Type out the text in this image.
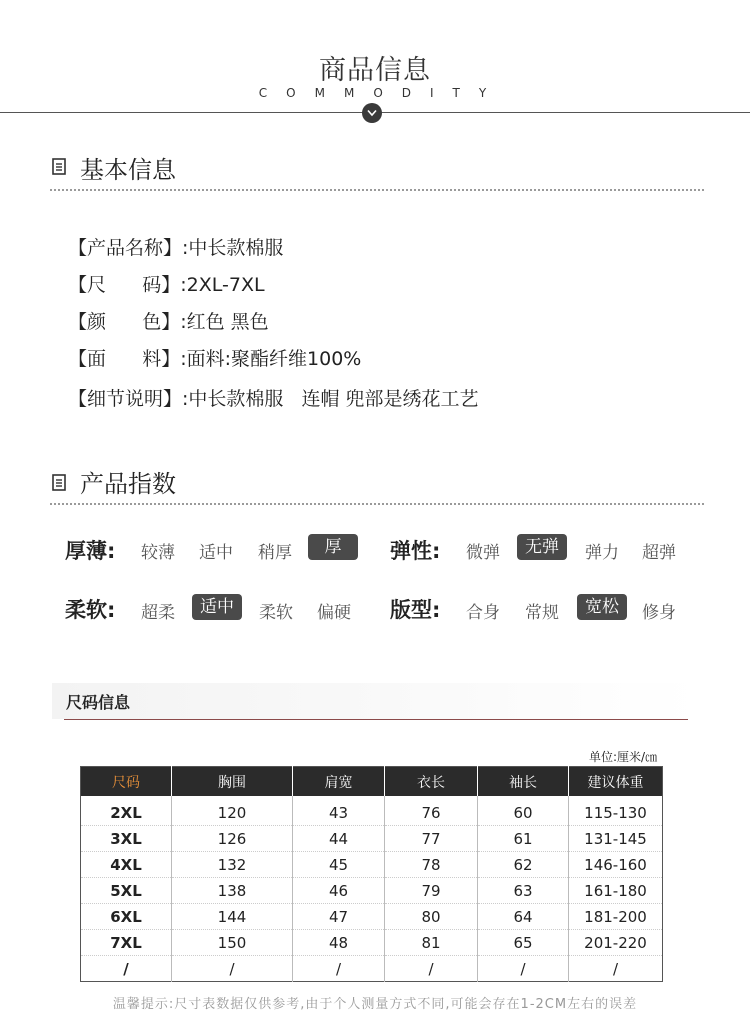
商品信息
COMMODITY
基本信息
【产品名称】:中长款棉服
【尺      码】:2XL-7XL
【颜      色】:红色 黑色
【面      料】:面料:聚酯纤维100%
【细节说明】:中长款棉服   连帽 兜部是绣花工艺
产品指数
厚薄: 较薄 适中 稍厚	厚	弹性: 微弹	无弹	弹力 超弹
柔软: 超柔	适中	柔软 偏硬 版型: 合身 常规	宽松	修身
尺码信息
单位:厘米/㎝
尺码	胸围	肩宽	衣长	袖长	建议体重
2XL	120	43	76	60	115-130
3XL	126	44	77	61	131-145
4XL	132	45	78	62	146-160
5XL	138	46	79	63	161-180
6XL	144	47	80	64	181-200
7XL	150	48	81	65	201-220
/	/	/	/	/	/
温馨提示:尺寸表数据仅供参考,由于个人测量方式不同,可能会存在1-2CM左右的误差
